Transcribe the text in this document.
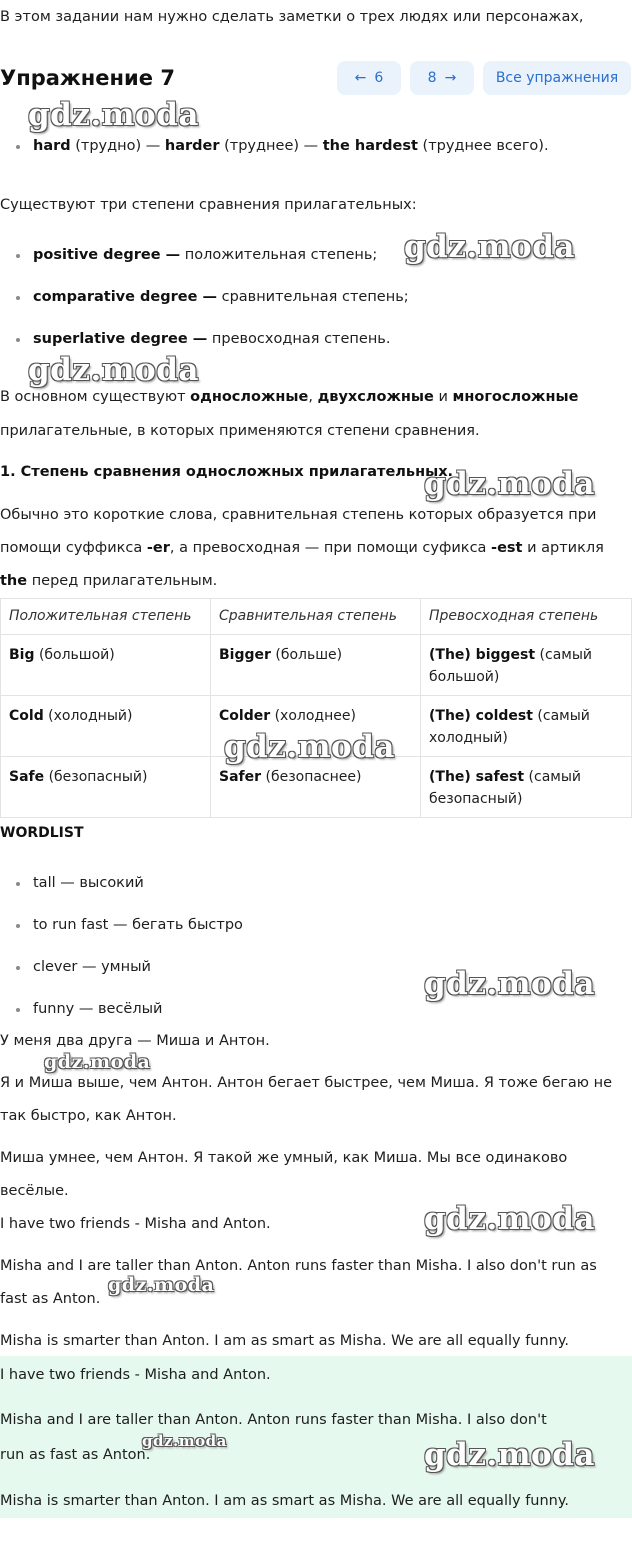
В этом задании нам нужно сделать заметки о трех людях или персонажах,

Упражнение 7	← 6	8 →	Все упражнения
hard (трудно) — harder (труднее) — the hardest (труднее всего).

Существуют три степени сравнения прилагательных:

positive degree — положительная степень;
comparative degree — сравнительная степень;
superlative degree — превосходная степень.

В основном существуют односложные, двухсложные и многосложные

прилагательные, в которых применяются степени сравнения.

1. Степень сравнения односложных прилагательных.

Обычно это короткие слова, сравнительная степень которых образуется при

помощи суффикса -er, а превосходная — при помощи суфикса -est и артикля

the перед прилагательным.

Положительная степень	Сравнительная степень	Превосходная степень
Big (большой)	Bigger (больше)	(The) biggest (самый большой)
Cold (холодный)	Colder (холоднее)	(The) coldest (самый холодный)
Safe (безопасный)	Safer (безопаснее)	(The) safest (самый безопасный)

WORDLIST

tall — высокий
to run fast — бегать быстро
clever — умный
funny — весёлый

У меня два друга — Миша и Антон.

Я и Миша выше, чем Антон. Антон бегает быстрее, чем Миша. Я тоже бегаю не

так быстро, как Антон.

Миша умнее, чем Антон. Я такой же умный, как Миша. Мы все одинаково

весёлые.

I have two friends - Misha and Anton.

Misha and I are taller than Anton. Anton runs faster than Misha. I also don't run as

fast as Anton.

Misha is smarter than Anton. I am as smart as Misha. We are all equally funny.

I have two friends - Misha and Anton.

Misha and I are taller than Anton. Anton runs faster than Misha. I also don't

run as fast as Anton.

Misha is smarter than Anton. I am as smart as Misha. We are all equally funny.

gdz.moda
gdz.moda
gdz.moda
gdz.moda
gdz.moda
gdz.moda
gdz.moda
gdz.moda
gdz.moda
gdz.moda	gdz.moda
